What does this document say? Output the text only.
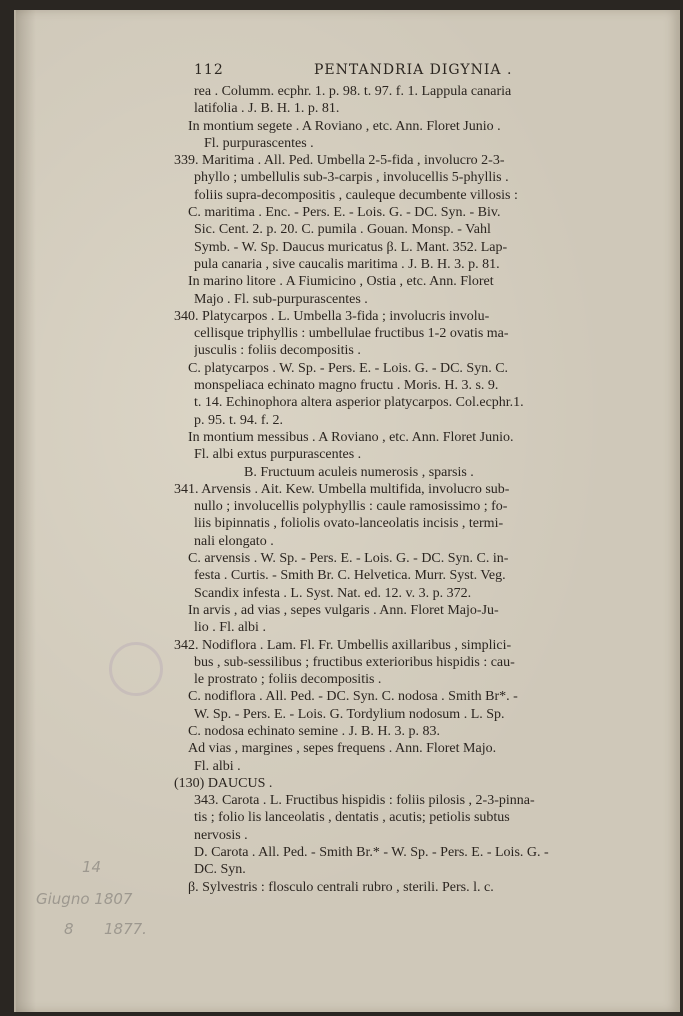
112	PENTANDRIA DIGYNIA .
rea . Columm. ecphr. 1. p. 98. t. 97. f. 1. Lappula canaria
latifolia . J. B. H. 1. p. 81.
In montium segete . A Roviano , etc. Ann. Floret Junio .
Fl. purpurascentes .
339. Maritima . All. Ped. Umbella 2-5-fida , involucro 2-3-
phyllo ; umbellulis sub-3-carpis , involucellis 5-phyllis .
foliis supra-decompositis , cauleque decumbente villosis :
C. maritima . Enc. - Pers. E. - Lois. G. - DC. Syn. - Biv.
Sic. Cent. 2. p. 20. C. pumila . Gouan. Monsp. - Vahl
Symb. - W. Sp. Daucus muricatus β. L. Mant. 352. Lap-
pula canaria , sive caucalis maritima . J. B. H. 3. p. 81.
In marino litore . A Fiumicino , Ostia , etc. Ann. Floret
Majo . Fl. sub-purpurascentes .
340. Platycarpos . L. Umbella 3-fida ; involucris involu-
cellisque triphyllis : umbellulae fructibus 1-2 ovatis ma-
jusculis : foliis decompositis .
C. platycarpos . W. Sp. - Pers. E. - Lois. G. - DC. Syn. C.
monspeliaca echinato magno fructu . Moris. H. 3. s. 9.
t. 14. Echinophora altera asperior platycarpos. Col.ecphr.1.
p. 95. t. 94. f. 2.
In montium messibus . A Roviano , etc. Ann. Floret Junio.
Fl. albi extus purpurascentes .
B. Fructuum aculeis numerosis , sparsis .
341. Arvensis . Ait. Kew. Umbella multifida, involucro sub-
nullo ; involucellis polyphyllis : caule ramosissimo ; fo-
liis bipinnatis , foliolis ovato-lanceolatis incisis , termi-
nali elongato .
C. arvensis . W. Sp. - Pers. E. - Lois. G. - DC. Syn. C. in-
festa . Curtis. - Smith Br. C. Helvetica. Murr. Syst. Veg.
Scandix infesta . L. Syst. Nat. ed. 12. v. 3. p. 372.
In arvis , ad vias , sepes vulgaris . Ann. Floret Majo-Ju-
lio . Fl. albi .
342. Nodiflora . Lam. Fl. Fr. Umbellis axillaribus , simplici-
bus , sub-sessilibus ; fructibus exterioribus hispidis : cau-
le prostrato ; foliis decompositis .
C. nodiflora . All. Ped. - DC. Syn. C. nodosa . Smith Br*. -
W. Sp. - Pers. E. - Lois. G. Tordylium nodosum . L. Sp.
C. nodosa echinato semine . J. B. H. 3. p. 83.
Ad vias , margines , sepes frequens . Ann. Floret Majo.
Fl. albi .
(130) DAUCUS .
343. Carota . L. Fructibus hispidis : foliis pilosis , 2-3-pinna-
tis ; folio lis lanceolatis , dentatis , acutis; petiolis subtus
nervosis .
D. Carota . All. Ped. - Smith Br.* - W. Sp. - Pers. E. - Lois. G. -
DC. Syn.
β. Sylvestris : flosculo centrali rubro , sterili. Pers. l. c.
14
Giugno 1807
8 1877.
